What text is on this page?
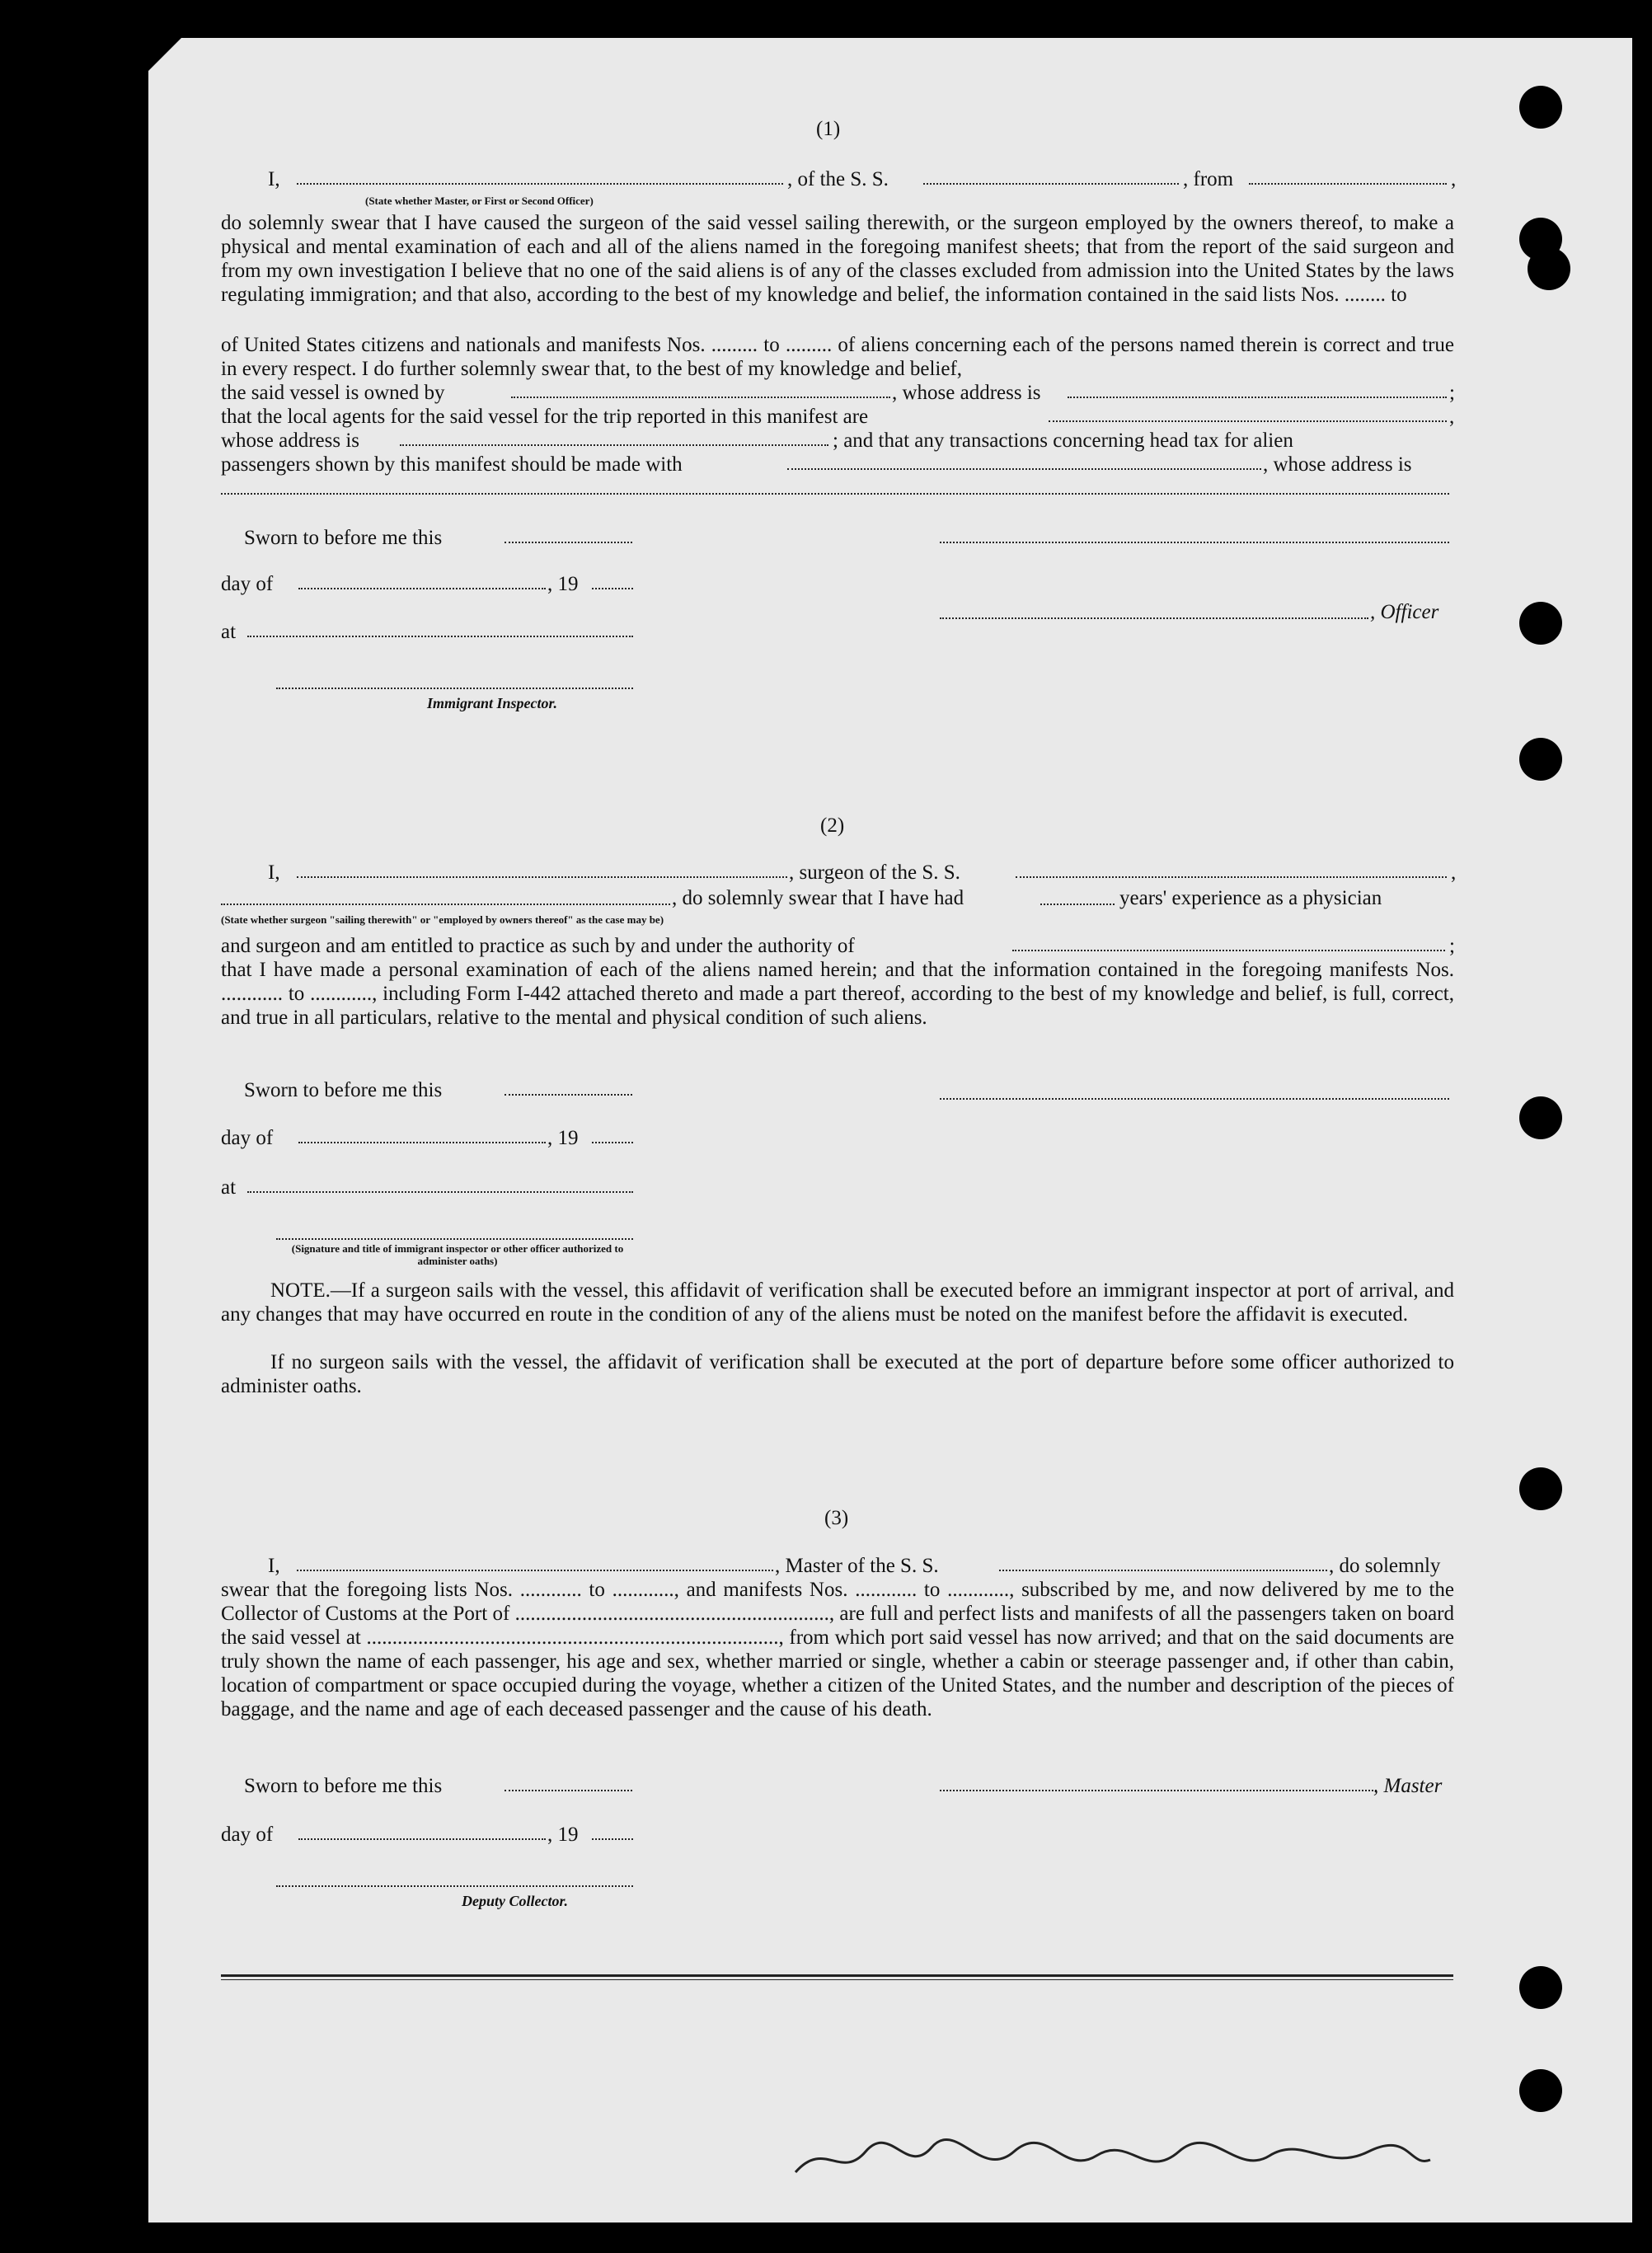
(1)
I,	, of the S. S.	, from	,
(State whether Master, or First or Second Officer)
do solemnly swear that I have caused the surgeon of the said vessel sailing therewith, or the surgeon employed by the owners thereof, to make a physical and mental examination of each and all of the aliens named in the foregoing manifest sheets; that from the report of the said surgeon and from my own investigation I believe that no one of the said aliens is of any of the classes excluded from admission into the United States by the laws regulating immigration; and that also, according to the best of my knowledge and belief, the information contained in the said lists Nos. ........ to
of United States citizens and nationals and manifests Nos. ......... to ......... of aliens concerning each of the persons named therein is correct and true in every respect. I do further solemnly swear that, to the best of my knowledge and belief,
the said vessel is owned by	, whose address is	;
that the local agents for the said vessel for the trip reported in this manifest are	,
whose address is	; and that any transactions concerning head tax for alien
passengers shown by this manifest should be made with	, whose address is
Sworn to before me this
day of	, 19
, Officer
at
Immigrant Inspector.
(2)
I,	, surgeon of the S. S.	,
, do solemnly swear that I have had	years' experience as a physician
(State whether surgeon "sailing therewith" or "employed by owners thereof" as the case may be)
and surgeon and am entitled to practice as such by and under the authority of	;
that I have made a personal examination of each of the aliens named herein; and that the information contained in the foregoing manifests Nos. ............ to ............, including Form I-442 attached thereto and made a part thereof, according to the best of my knowledge and belief, is full, correct, and true in all particulars, relative to the mental and physical condition of such aliens.
Sworn to before me this
day of	, 19
at
(Signature and title of immigrant inspector or other officer authorized to administer oaths)
NOTE.—If a surgeon sails with the vessel, this affidavit of verification shall be executed before an immigrant inspector at port of arrival, and any changes that may have occurred en route in the condition of any of the aliens must be noted on the manifest before the affidavit is executed.
If no surgeon sails with the vessel, the affidavit of verification shall be executed at the port of departure before some officer authorized to administer oaths.
(3)
I,	, Master of the S. S.	, do solemnly
swear that the foregoing lists Nos. ............ to ............, and manifests Nos. ............ to ............, subscribed by me, and now delivered by me to the Collector of Customs at the Port of ............................................................., are full and perfect lists and manifests of all the passengers taken on board the said vessel at ................................................................................, from which port said vessel has now arrived; and that on the said documents are truly shown the name of each passenger, his age and sex, whether married or single, whether a cabin or steerage passenger and, if other than cabin, location of compartment or space occupied during the voyage, whether a citizen of the United States, and the number and description of the pieces of baggage, and the name and age of each deceased passenger and the cause of his death.
Sworn to before me this	, Master
day of	, 19
Deputy Collector.
